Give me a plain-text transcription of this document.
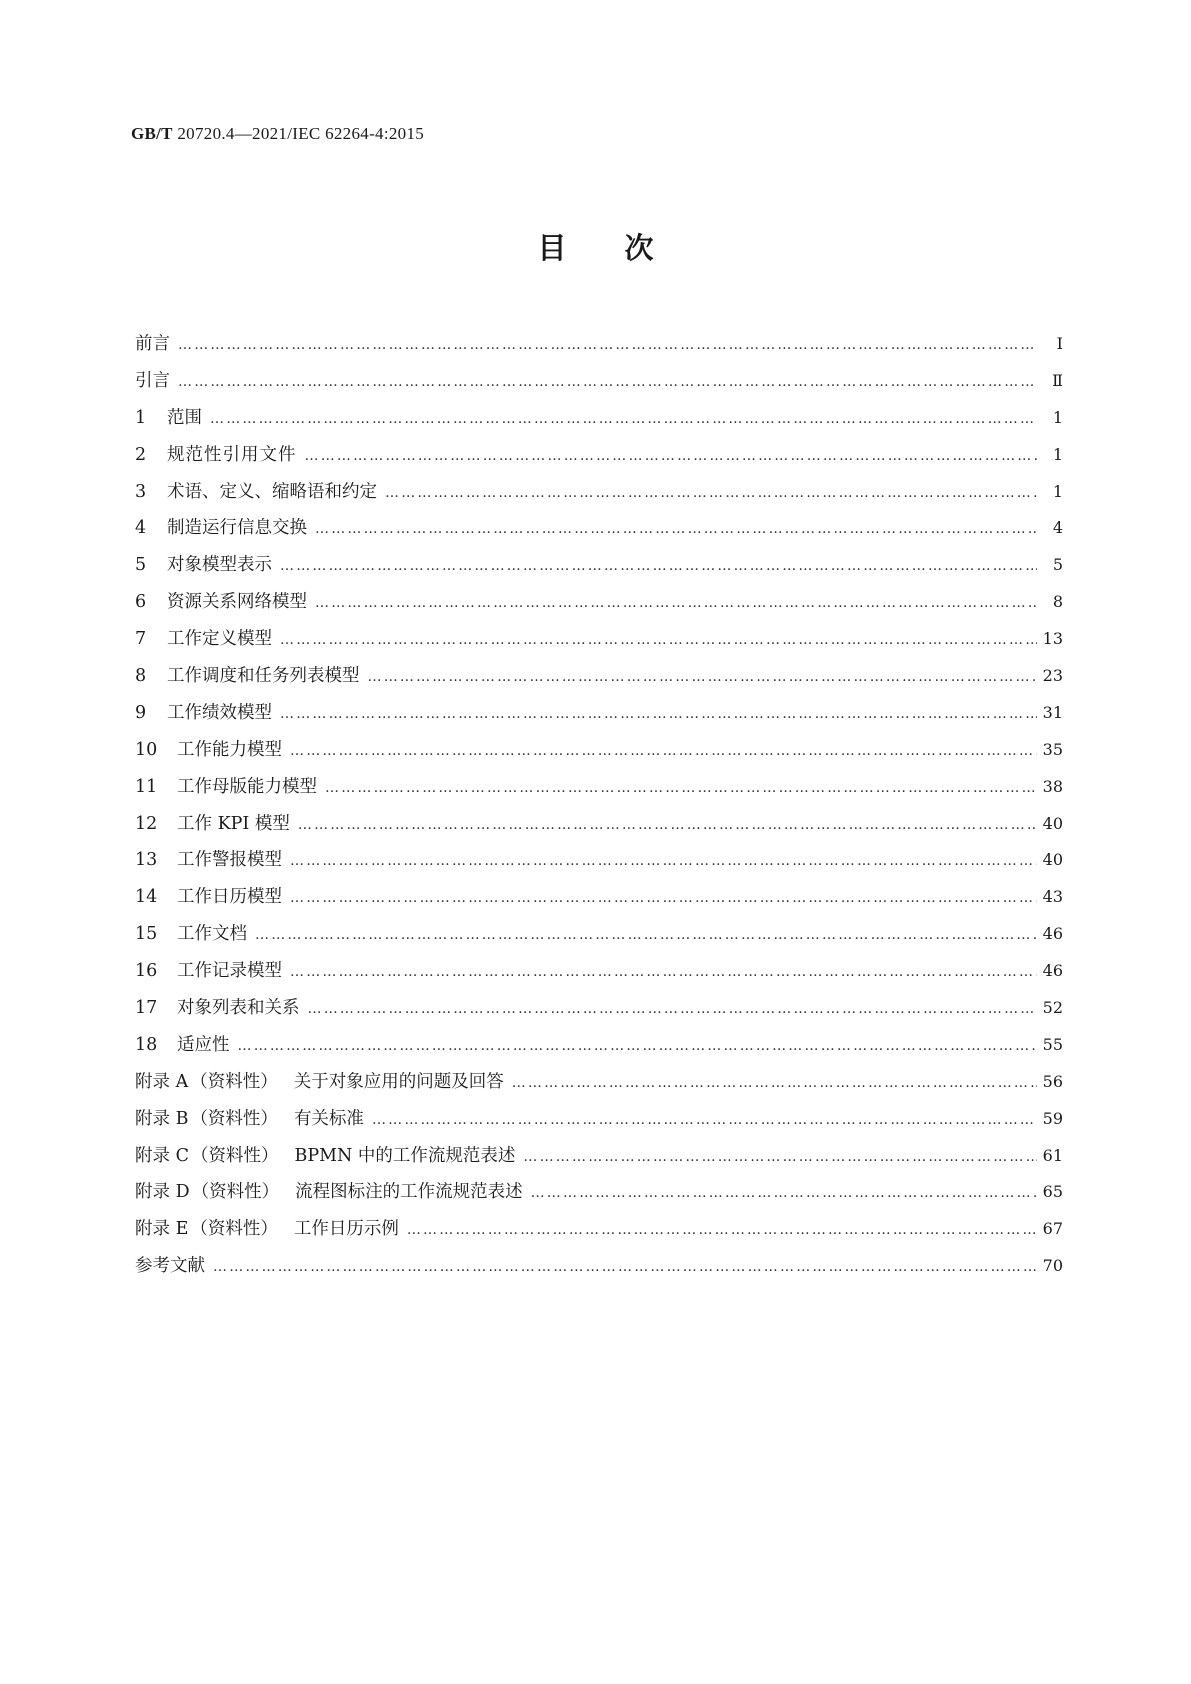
GB/T 20720.4—2021/IEC 62264-4:2015
目次
前言 ……………………………………………………………………………………………………………………………………………………………………………………………………………………	Ⅰ
引言 ……………………………………………………………………………………………………………………………………………………………………………………………………………………	Ⅱ
1	范围 ……………………………………………………………………………………………………………………………………………………………………………………………………………………	1
2	规范性引用文件 ……………………………………………………………………………………………………………………………………………………………………………………………………………………	1
3	术语、定义、缩略语和约定 ……………………………………………………………………………………………………………………………………………………………………………………………………………………	1
4	制造运行信息交换 ……………………………………………………………………………………………………………………………………………………………………………………………………………………	4
5	对象模型表示 ……………………………………………………………………………………………………………………………………………………………………………………………………………………	5
6	资源关系网络模型 ……………………………………………………………………………………………………………………………………………………………………………………………………………………	8
7	工作定义模型 ……………………………………………………………………………………………………………………………………………………………………………………………………………………	13
8	工作调度和任务列表模型 ……………………………………………………………………………………………………………………………………………………………………………………………………………………	23
9	工作绩效模型 ……………………………………………………………………………………………………………………………………………………………………………………………………………………	31
10	工作能力模型 ……………………………………………………………………………………………………………………………………………………………………………………………………………………	35
11	工作母版能力模型 ……………………………………………………………………………………………………………………………………………………………………………………………………………………	38
12	工作 KPI 模型 ……………………………………………………………………………………………………………………………………………………………………………………………………………………	40
13	工作警报模型 ……………………………………………………………………………………………………………………………………………………………………………………………………………………	40
14	工作日历模型 ……………………………………………………………………………………………………………………………………………………………………………………………………………………	43
15	工作文档 ……………………………………………………………………………………………………………………………………………………………………………………………………………………	46
16	工作记录模型 ……………………………………………………………………………………………………………………………………………………………………………………………………………………	46
17	对象列表和关系 ……………………………………………………………………………………………………………………………………………………………………………………………………………………	52
18	适应性 ……………………………………………………………………………………………………………………………………………………………………………………………………………………	55
附录 A （资料性） 关于对象应用的问题及回答 ……………………………………………………………………………………………………………………………………………………………………………………………………………………	56
附录 B （资料性） 有关标准 ……………………………………………………………………………………………………………………………………………………………………………………………………………………	59
附录 C （资料性） BPMN 中的工作流规范表述 ……………………………………………………………………………………………………………………………………………………………………………………………………………………	61
附录 D （资料性） 流程图标注的工作流规范表述 ……………………………………………………………………………………………………………………………………………………………………………………………………………………	65
附录 E （资料性） 工作日历示例 ……………………………………………………………………………………………………………………………………………………………………………………………………………………	67
参考文献 ……………………………………………………………………………………………………………………………………………………………………………………………………………………	70
